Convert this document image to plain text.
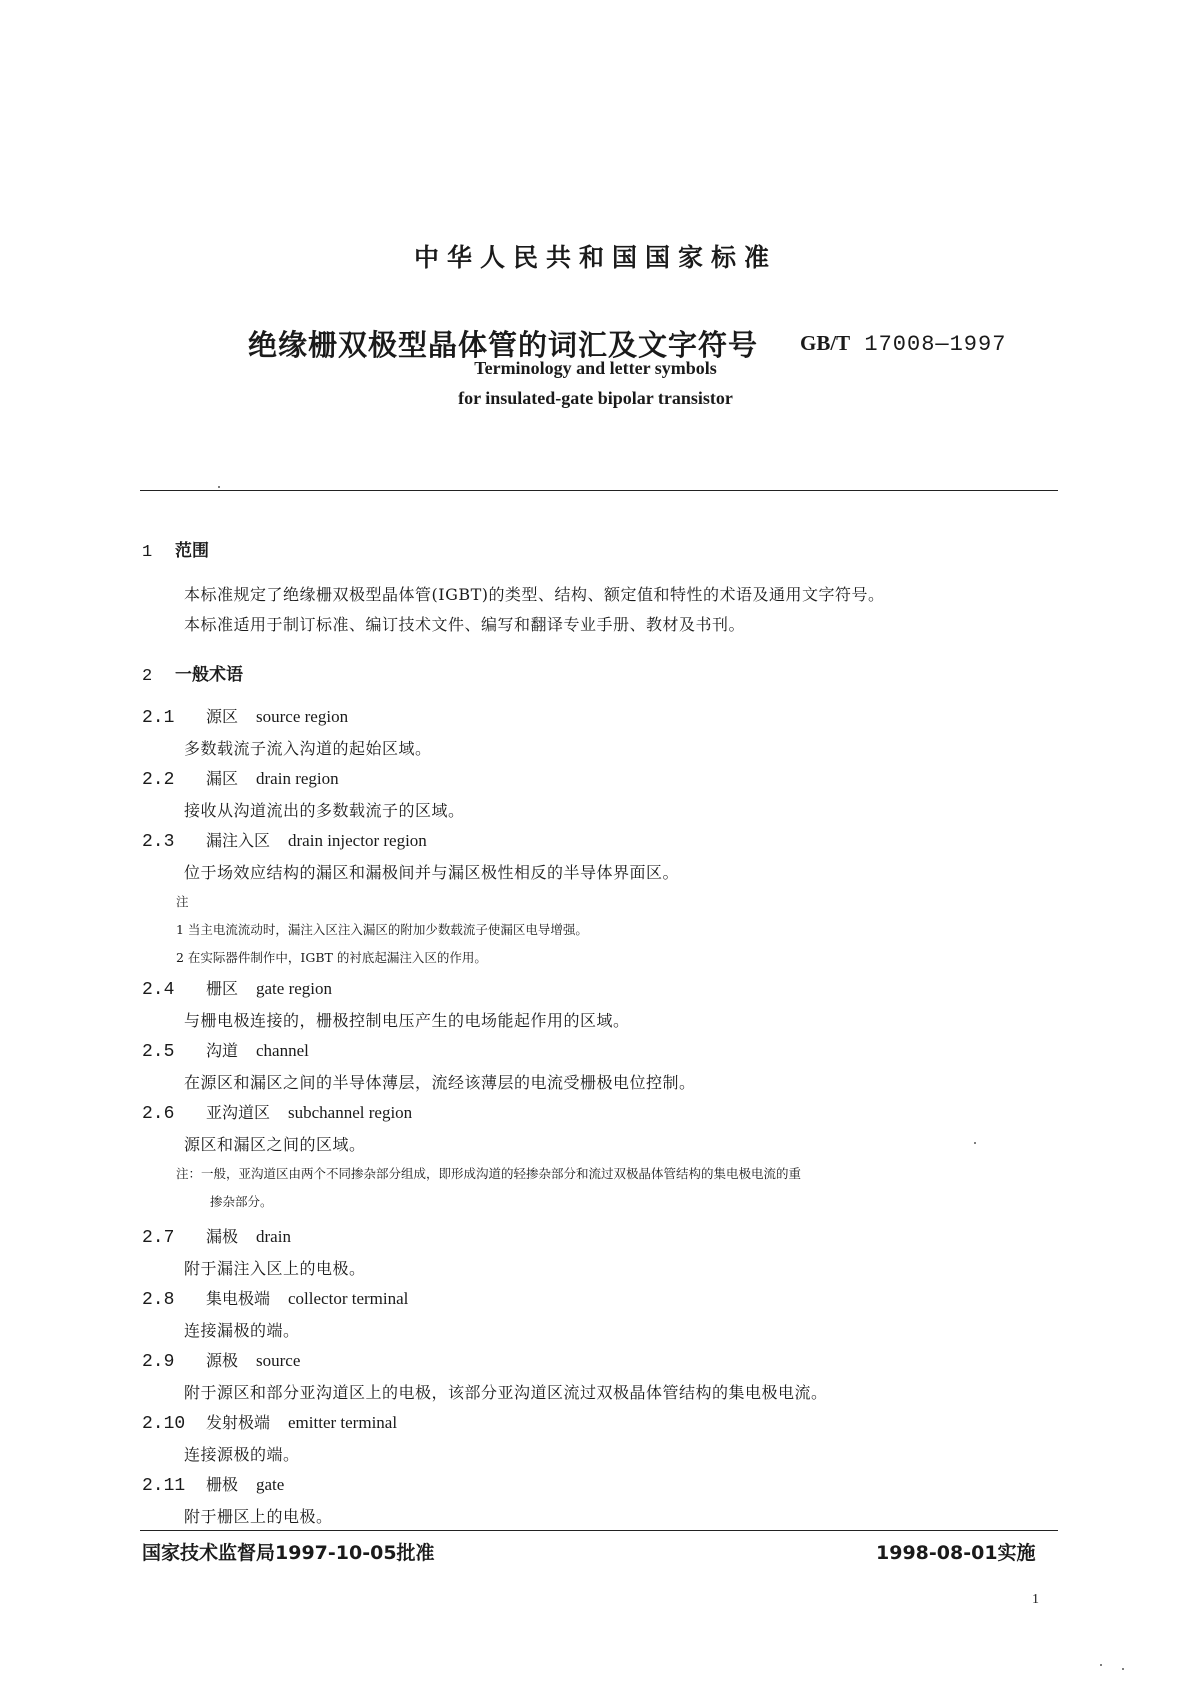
中华人民共和国国家标准
绝缘栅双极型晶体管的词汇及文字符号 GB/T 17008—1997
Terminology and letter symbols
for insulated-gate bipolar transistor
1 范围
本标准规定了绝缘栅双极型晶体管(IGBT)的类型、结构、额定值和特性的术语及通用文字符号。
本标准适用于制订标准、编订技术文件、编写和翻译专业手册、教材及书刊。
2 一般术语
2.1 源区 source region
多数载流子流入沟道的起始区域。
2.2 漏区 drain region
接收从沟道流出的多数载流子的区域。
2.3 漏注入区 drain injector region
位于场效应结构的漏区和漏极间并与漏区极性相反的半导体界面区。
注
1 当主电流流动时，漏注入区注入漏区的附加少数载流子使漏区电导增强。
2 在实际器件制作中，IGBT 的衬底起漏注入区的作用。
2.4 栅区 gate region
与栅电极连接的，栅极控制电压产生的电场能起作用的区域。
2.5 沟道 channel
在源区和漏区之间的半导体薄层，流经该薄层的电流受栅极电位控制。
2.6 亚沟道区 subchannel region
源区和漏区之间的区域。
注：一般，亚沟道区由两个不同掺杂部分组成，即形成沟道的轻掺杂部分和流过双极晶体管结构的集电极电流的重
掺杂部分。
2.7 漏极 drain
附于漏注入区上的电极。
2.8 集电极端 collector terminal
连接漏极的端。
2.9 源极 source
附于源区和部分亚沟道区上的电极，该部分亚沟道区流过双极晶体管结构的集电极电流。
2.10 发射极端 emitter terminal
连接源极的端。
2.11 栅极 gate
附于栅区上的电极。
国家技术监督局1997-10-05批准	1998-08-01实施
1
